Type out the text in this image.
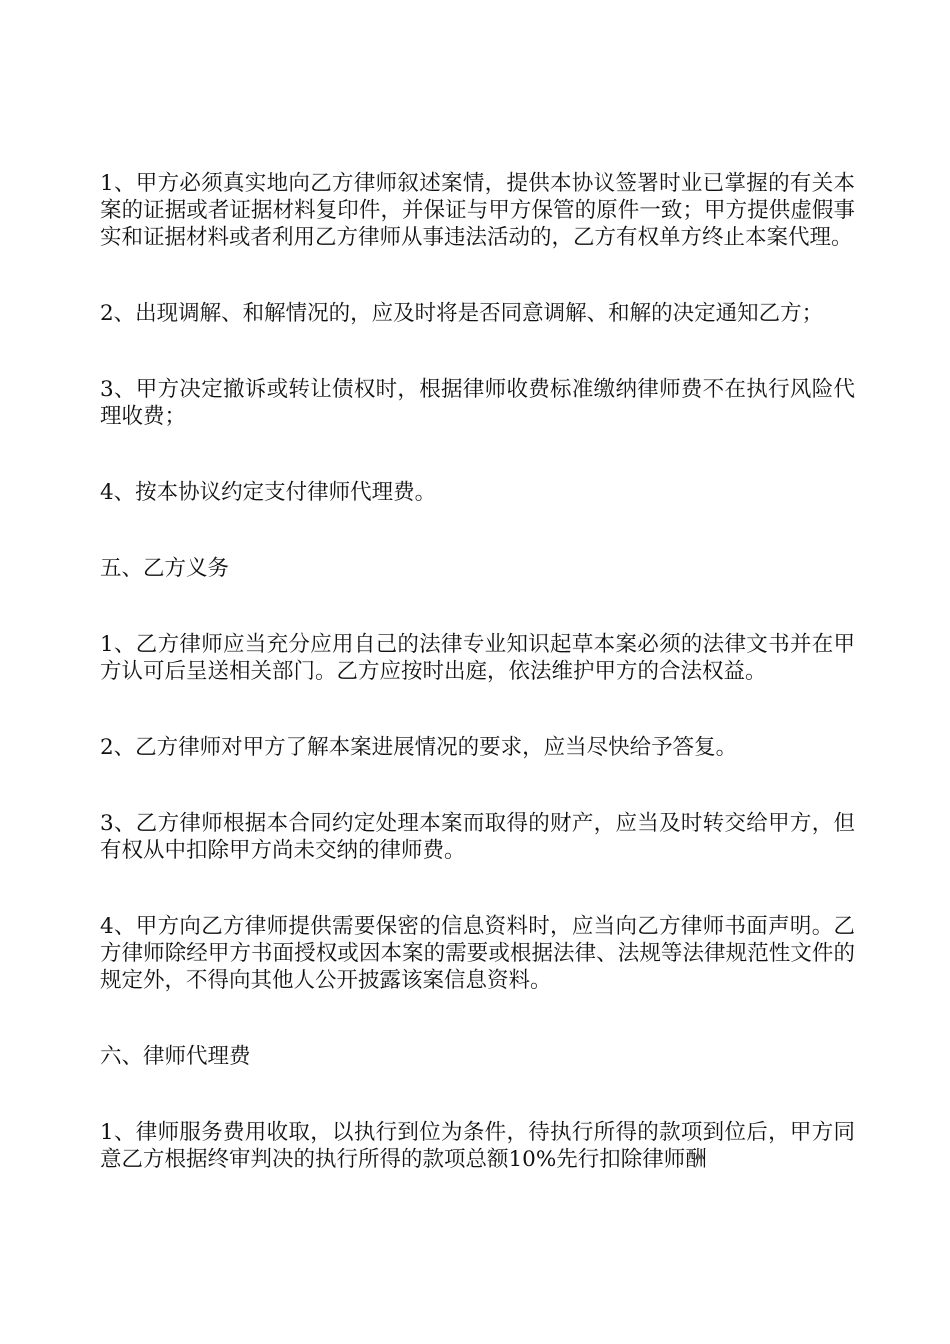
1、甲方必须真实地向乙方律师叙述案情，提供本协议签署时业已掌握的有关本案的证据或者证据材料复印件，并保证与甲方保管的原件一致；甲方提供虚假事实和证据材料或者利用乙方律师从事违法活动的，乙方有权单方终止本案代理。

2、出现调解、和解情况的，应及时将是否同意调解、和解的决定通知乙方；

3、甲方决定撤诉或转让债权时，根据律师收费标准缴纳律师费不在执行风险代理收费；

4、按本协议约定支付律师代理费。

五、乙方义务

1、乙方律师应当充分应用自己的法律专业知识起草本案必须的法律文书并在甲方认可后呈送相关部门。乙方应按时出庭，依法维护甲方的合法权益。

2、乙方律师对甲方了解本案进展情况的要求，应当尽快给予答复。

3、乙方律师根据本合同约定处理本案而取得的财产，应当及时转交给甲方，但有权从中扣除甲方尚未交纳的律师费。

4、甲方向乙方律师提供需要保密的信息资料时，应当向乙方律师书面声明。乙方律师除经甲方书面授权或因本案的需要或根据法律、法规等法律规范性文件的规定外，不得向其他人公开披露该案信息资料。

六、律师代理费

1、律师服务费用收取，以执行到位为条件，待执行所得的款项到位后，甲方同意乙方根据终审判决的执行所得的款项总额10%先行扣除律师酬
